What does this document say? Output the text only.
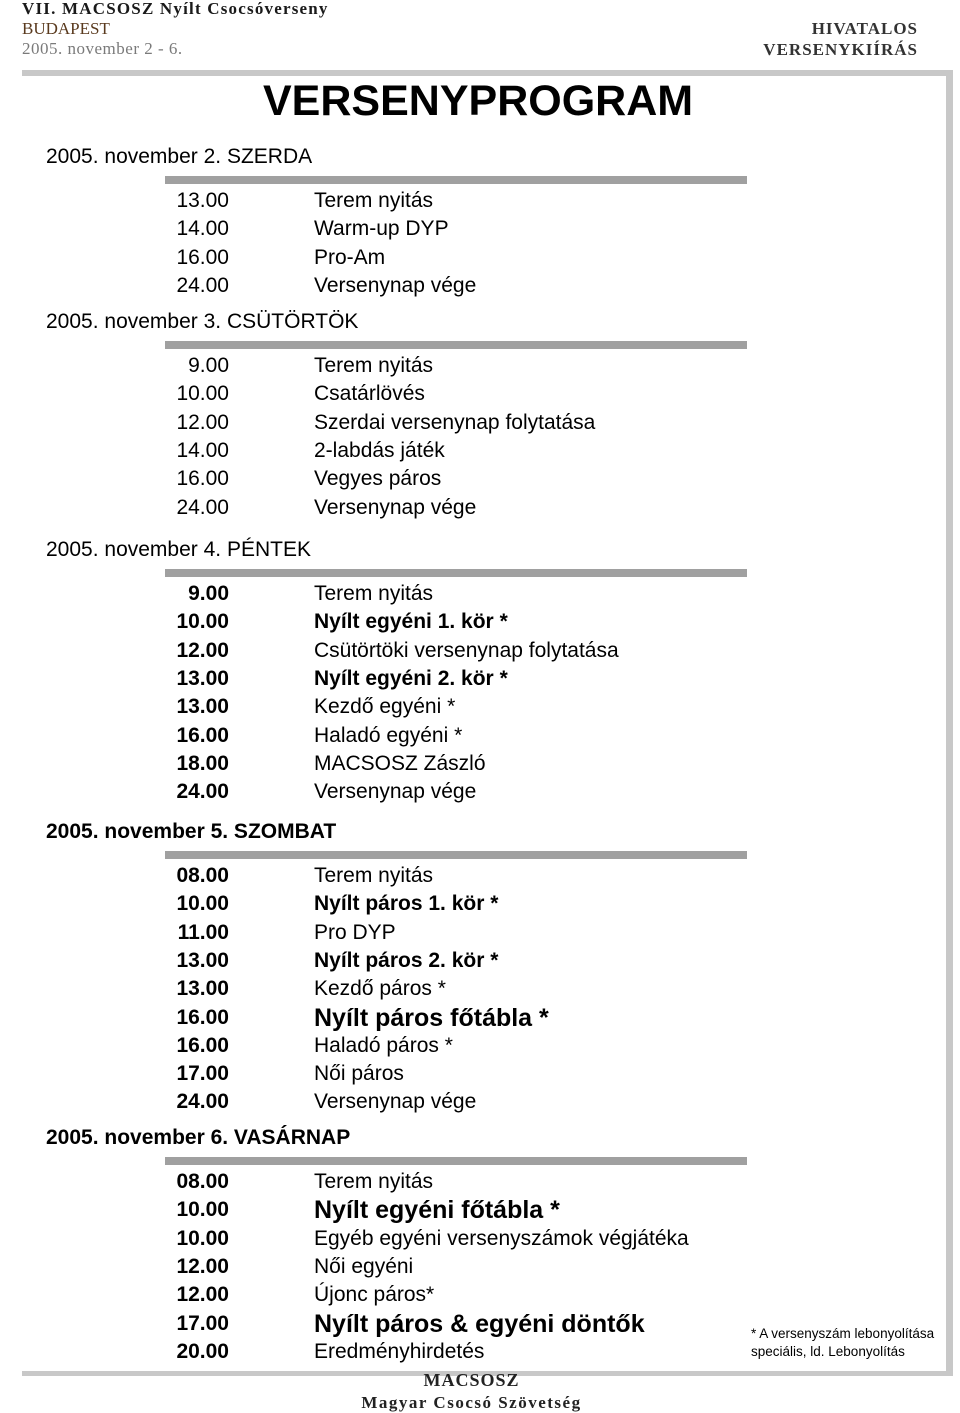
VII. MACSOSZ Nyílt Csocsóverseny
BUDAPEST
2005. november 2 - 6.
HIVATALOS
VERSENYKIÍRÁS
VERSENYPROGRAM
2005. november 2. SZERDA
13.00	Terem nyitás
14.00	Warm-up DYP
16.00	Pro-Am
24.00	Versenynap vége
2005. november 3. CSÜTÖRTÖK
9.00	Terem nyitás
10.00	Csatárlövés
12.00	Szerdai versenynap folytatása
14.00	2-labdás játék
16.00	Vegyes páros
24.00	Versenynap vége
2005. november 4. PÉNTEK
9.00	Terem nyitás
10.00	Nyílt egyéni 1. kör *
12.00	Csütörtöki versenynap folytatása
13.00	Nyílt egyéni 2. kör *
13.00	Kezdő egyéni *
16.00	Haladó egyéni *
18.00	MACSOSZ Zászló
24.00	Versenynap vége
2005. november 5. SZOMBAT
08.00	Terem nyitás
10.00	Nyílt páros 1. kör *
11.00	Pro DYP
13.00	Nyílt páros 2. kör *
13.00	Kezdő páros *
16.00	Nyílt páros főtábla *
16.00	Haladó páros *
17.00	Női páros
24.00	Versenynap vége
2005. november 6. VASÁRNAP
08.00	Terem nyitás
10.00	Nyílt egyéni főtábla *
10.00	Egyéb egyéni versenyszámok végjátéka
12.00	Női egyéni
12.00	Újonc páros*
17.00	Nyílt páros & egyéni döntők
20.00	Eredményhirdetés
* A versenyszám lebonyolítása
speciális, ld. Lebonyolítás
MACSOSZ
Magyar Csocsó Szövetség
